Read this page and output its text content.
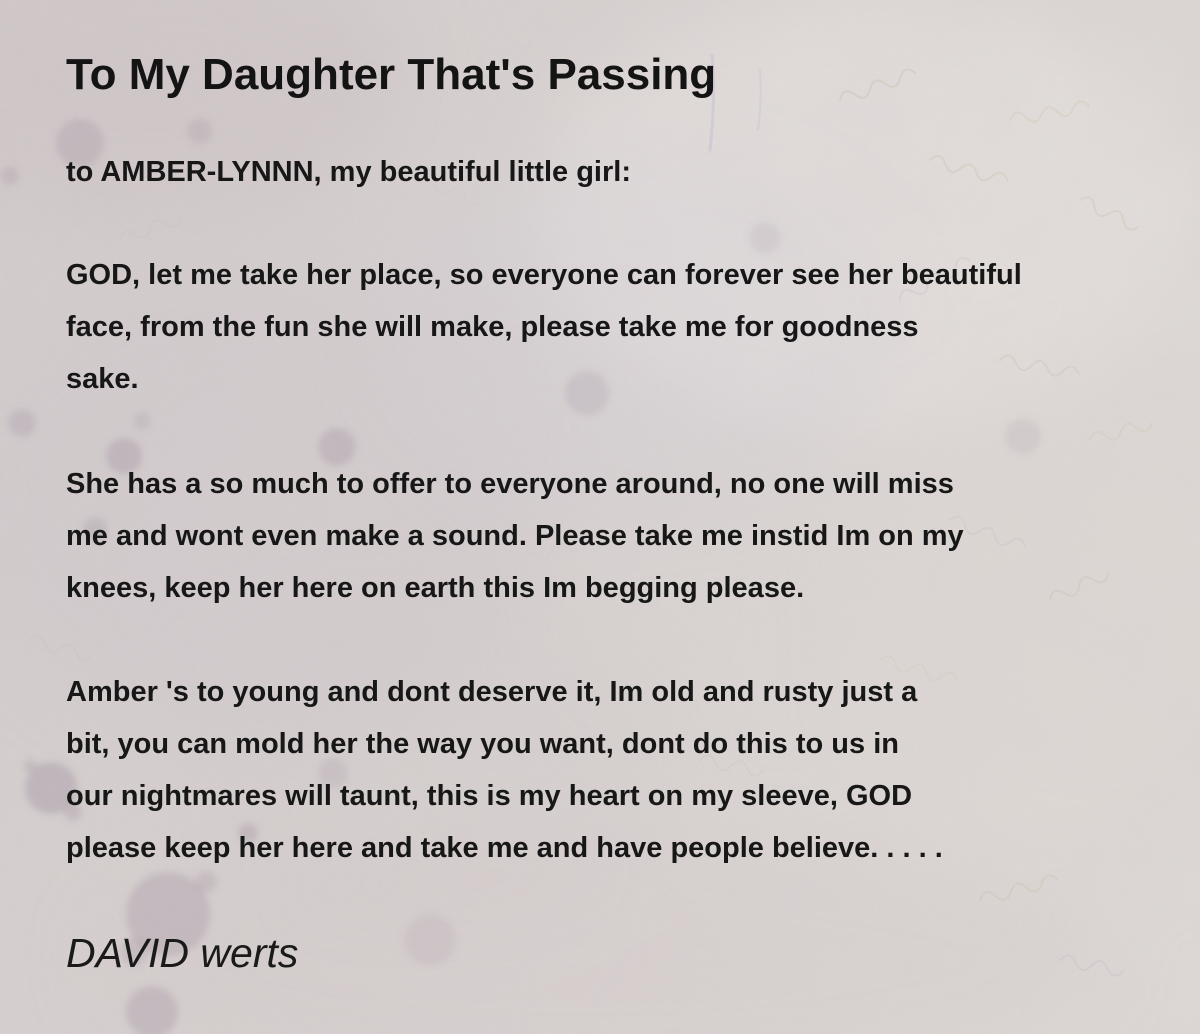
To My Daughter That's Passing

to AMBER-LYNNN, my beautiful little girl:

GOD, let me take her place, so everyone can forever see her beautiful
face, from the fun she will make, please take me for goodness
sake.
She has a so much to offer to everyone around, no one will miss
me and wont even make a sound. Please take me instid Im on my
knees, keep her here on earth this Im begging please.
Amber 's to young and dont deserve it, Im old and rusty just a
bit, you can mold her the way you want, dont do this to us in
our nightmares will taunt, this is my heart on my sleeve, GOD
please keep her here and take me and have people believe. . . . .
DAVID werts
